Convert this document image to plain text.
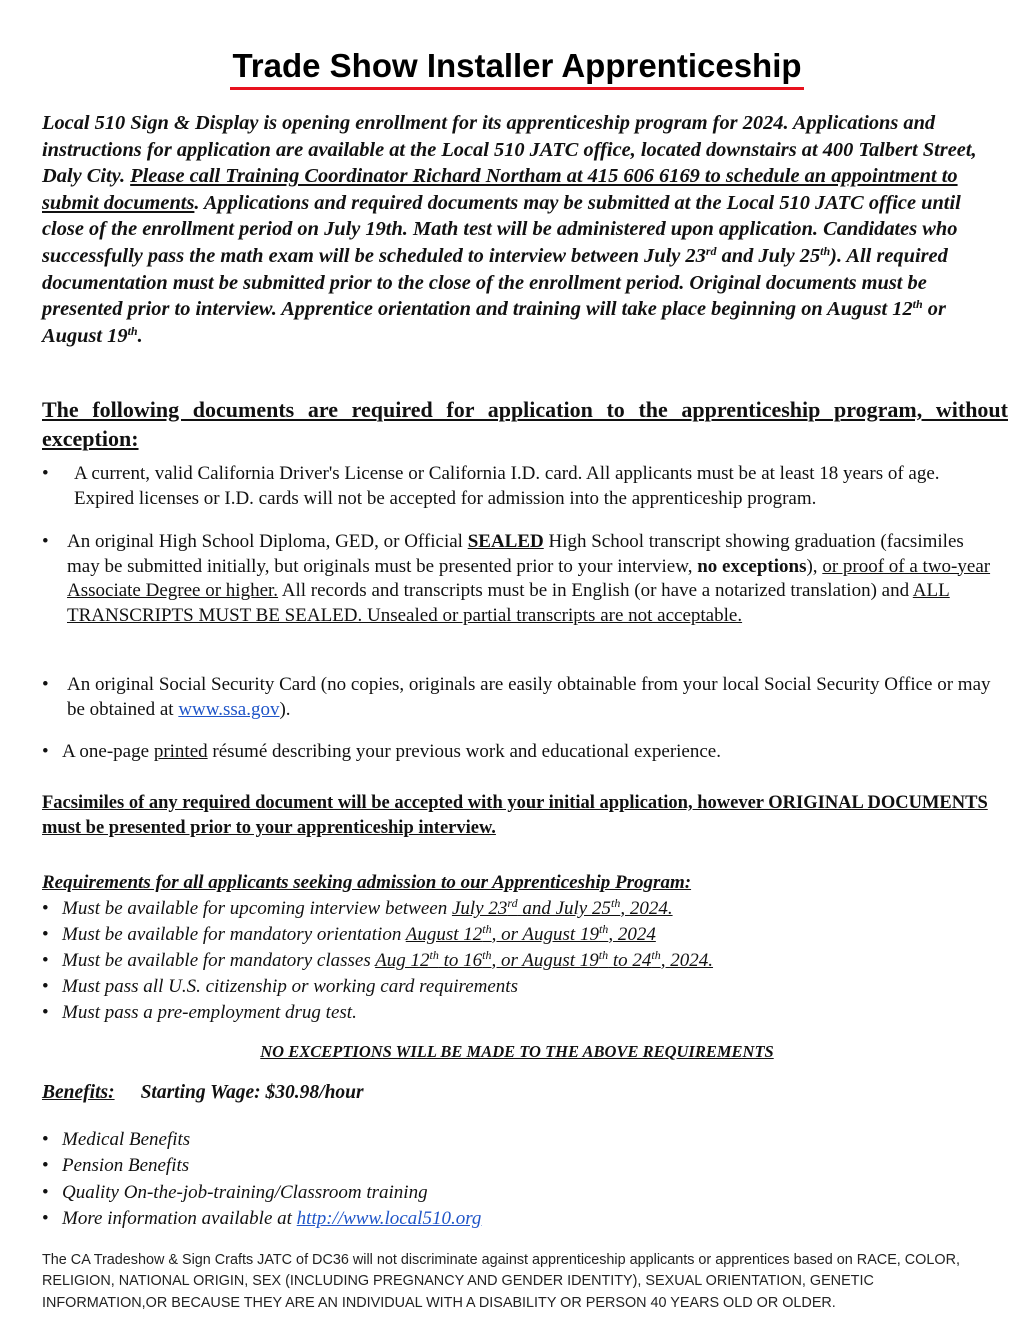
Trade Show Installer Apprenticeship
Local 510 Sign & Display is opening enrollment for its apprenticeship program for 2024. Applications and instructions for application are available at the Local 510 JATC office, located downstairs at 400 Talbert Street, Daly City. Please call Training Coordinator Richard Northam at 415 606 6169 to schedule an appointment to submit documents. Applications and required documents may be submitted at the Local 510 JATC office until close of the enrollment period on July 19th. Math test will be administered upon application. Candidates who successfully pass the math exam will be scheduled to interview between July 23rd and July 25th). All required documentation must be submitted prior to the close of the enrollment period. Original documents must be presented prior to interview. Apprentice orientation and training will take place beginning on August 12th or August 19th.
The following documents are required for application to the apprenticeship program, without exception:
• A current, valid California Driver's License or California I.D. card. All applicants must be at least 18 years of age. Expired licenses or I.D. cards will not be accepted for admission into the apprenticeship program.
• An original High School Diploma, GED, or Official SEALED High School transcript showing graduation (facsimiles may be submitted initially, but originals must be presented prior to your interview, no exceptions), or proof of a two-year Associate Degree or higher. All records and transcripts must be in English (or have a notarized translation) and ALL TRANSCRIPTS MUST BE SEALED. Unsealed or partial transcripts are not acceptable.
• An original Social Security Card (no copies, originals are easily obtainable from your local Social Security Office or may be obtained at www.ssa.gov).
• A one-page printed résumé describing your previous work and educational experience.
Facsimiles of any required document will be accepted with your initial application, however ORIGINAL DOCUMENTS must be presented prior to your apprenticeship interview.
Requirements for all applicants seeking admission to our Apprenticeship Program:
• Must be available for upcoming interview between July 23rd and July 25th, 2024.
• Must be available for mandatory orientation August 12th, or August 19th, 2024
• Must be available for mandatory classes Aug 12th to 16th, or August 19th to 24th, 2024.
• Must pass all U.S. citizenship or working card requirements
• Must pass a pre-employment drug test.
NO EXCEPTIONS WILL BE MADE TO THE ABOVE REQUIREMENTS
Benefits: Starting Wage: $30.98/hour
• Medical Benefits
• Pension Benefits
• Quality On-the-job-training/Classroom training
• More information available at http://www.local510.org
The CA Tradeshow & Sign Crafts JATC of DC36 will not discriminate against apprenticeship applicants or apprentices based on RACE, COLOR, RELIGION, NATIONAL ORIGIN, SEX (INCLUDING PREGNANCY AND GENDER IDENTITY), SEXUAL ORIENTATION, GENETIC INFORMATION,OR BECAUSE THEY ARE AN INDIVIDUAL WITH A DISABILITY OR PERSON 40 YEARS OLD OR OLDER.
